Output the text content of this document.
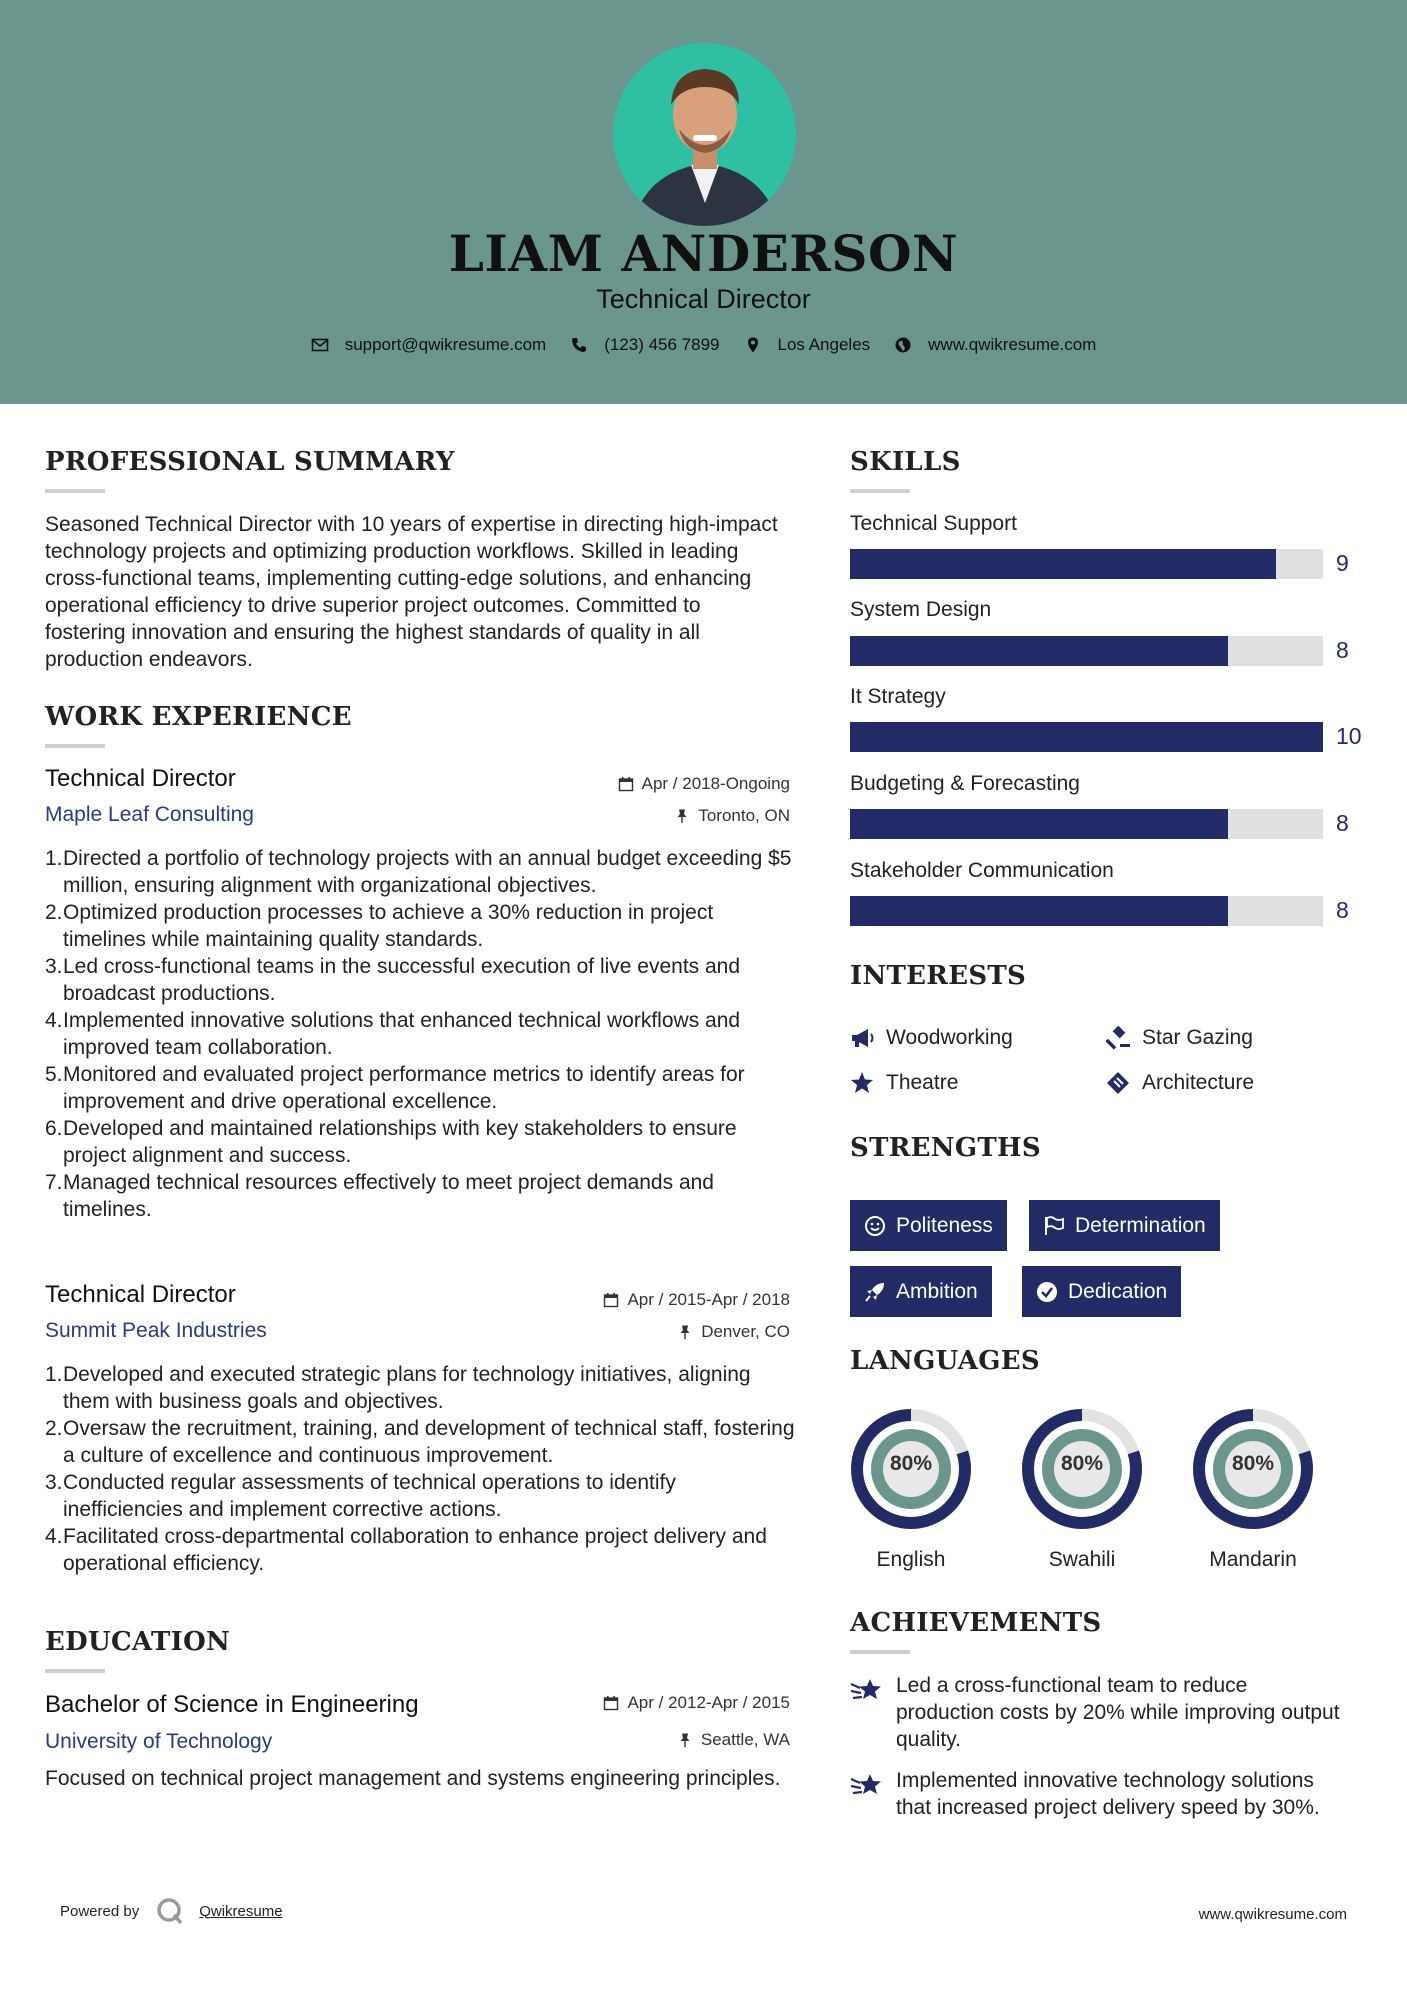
LIAM ANDERSON
Technical Director
support@qwikresume.com	(123) 456 7899	Los Angeles	www.qwikresume.com
PROFESSIONAL SUMMARY
Seasoned Technical Director with 10 years of expertise in directing high-impact technology projects and optimizing production workflows. Skilled in leading cross-functional teams, implementing cutting-edge solutions, and enhancing operational efficiency to drive superior project outcomes. Committed to fostering innovation and ensuring the highest standards of quality in all production endeavors.
WORK EXPERIENCE
Technical Director
Maple Leaf Consulting
Apr / 2018-Ongoing
Toronto, ON
1. Directed a portfolio of technology projects with an annual budget exceeding $5 million, ensuring alignment with organizational objectives.
2. Optimized production processes to achieve a 30% reduction in project timelines while maintaining quality standards.
3. Led cross-functional teams in the successful execution of live events and broadcast productions.
4. Implemented innovative solutions that enhanced technical workflows and improved team collaboration.
5. Monitored and evaluated project performance metrics to identify areas for improvement and drive operational excellence.
6. Developed and maintained relationships with key stakeholders to ensure project alignment and success.
7. Managed technical resources effectively to meet project demands and timelines.
Technical Director
Summit Peak Industries
Apr / 2015-Apr / 2018
Denver, CO
1. Developed and executed strategic plans for technology initiatives, aligning them with business goals and objectives.
2. Oversaw the recruitment, training, and development of technical staff, fostering a culture of excellence and continuous improvement.
3. Conducted regular assessments of technical operations to identify inefficiencies and implement corrective actions.
4. Facilitated cross-departmental collaboration to enhance project delivery and operational efficiency.
EDUCATION
Bachelor of Science in Engineering
University of Technology
Apr / 2012-Apr / 2015
Seattle, WA
Focused on technical project management and systems engineering principles.
SKILLS
Technical Support
9
System Design
8
It Strategy
10
Budgeting & Forecasting
8
Stakeholder Communication
8
INTERESTS
Woodworking	Star Gazing
Theatre	Architecture
STRENGTHS
Politeness	Determination
Ambition	Dedication
LANGUAGES
80%
English
80%
Swahili
80%
Mandarin
ACHIEVEMENTS
Led a cross-functional team to reduce production costs by 20% while improving output quality.
Implemented innovative technology solutions that increased project delivery speed by 30%.
Powered by	Qwikresume	www.qwikresume.com
